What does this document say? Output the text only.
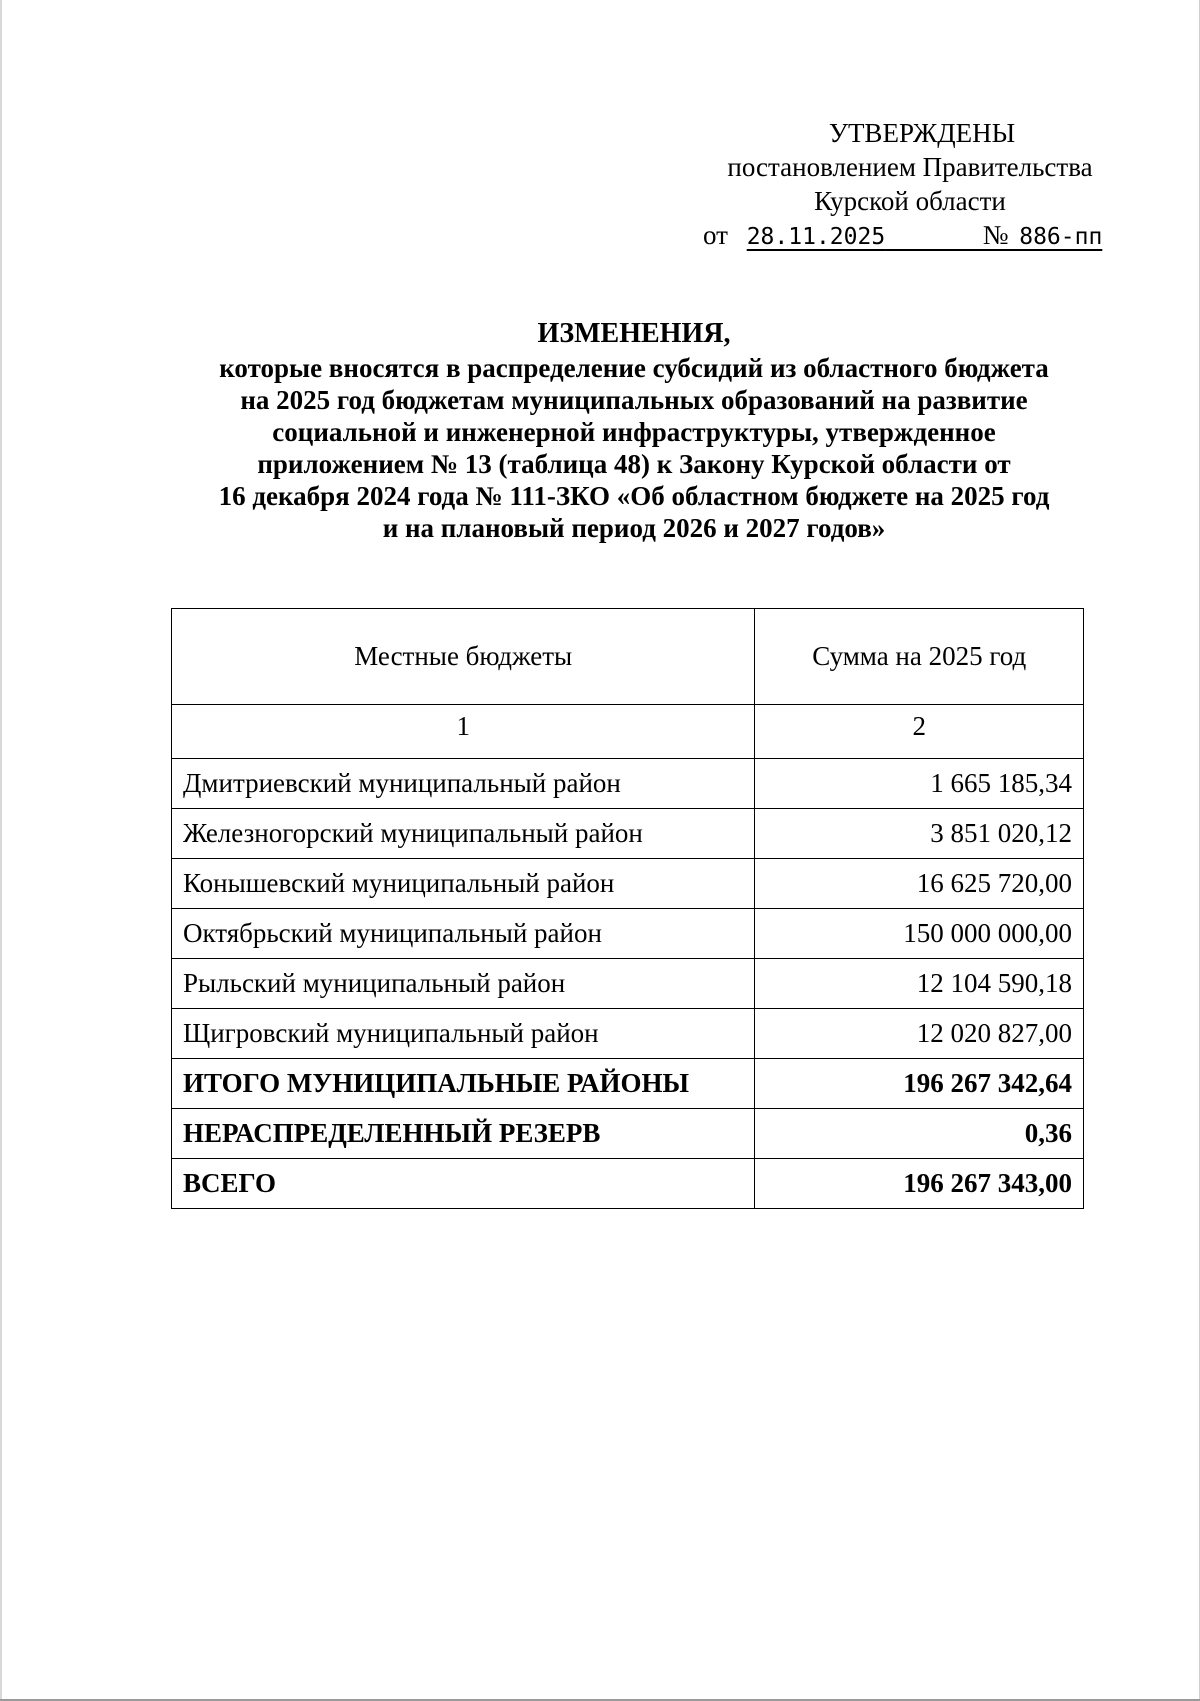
УТВЕРЖДЕНЫ
постановлением Правительства
Курской области
от 28.11.2025	№ 886-пп
ИЗМЕНЕНИЯ,
которые вносятся в распределение субсидий из областного бюджета
на 2025 год бюджетам муниципальных образований на развитие
социальной и инженерной инфраструктуры, утвержденное
приложением № 13 (таблица 48) к Закону Курской области от
16 декабря 2024 года № 111-ЗКО «Об областном бюджете на 2025 год
и на плановый период 2026 и 2027 годов»
Местные бюджеты	Сумма на 2025 год
1	2
Дмитриевский муниципальный район	1 665 185,34
Железногорский муниципальный район	3 851 020,12
Конышевский муниципальный район	16 625 720,00
Октябрьский муниципальный район	150 000 000,00
Рыльский муниципальный район	12 104 590,18
Щигровский муниципальный район	12 020 827,00
ИТОГО МУНИЦИПАЛЬНЫЕ РАЙОНЫ	196 267 342,64
НЕРАСПРЕДЕЛЕННЫЙ РЕЗЕРВ	0,36
ВСЕГО	196 267 343,00
